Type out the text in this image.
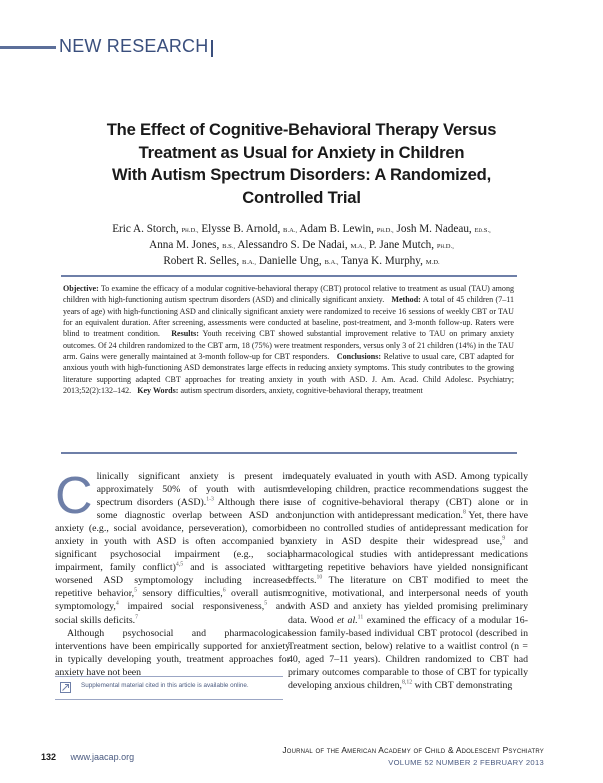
NEW RESEARCH
The Effect of Cognitive-Behavioral Therapy Versus
Treatment as Usual for Anxiety in Children
With Autism Spectrum Disorders: A Randomized,
Controlled Trial

Eric A. Storch, Ph.D., Elysse B. Arnold, B.A., Adam B. Lewin, Ph.D., Josh M. Nadeau, Ed.S.,
Anna M. Jones, B.S., Alessandro S. De Nadai, M.A., P. Jane Mutch, Ph.D.,
Robert R. Selles, B.A., Danielle Ung, B.A., Tanya K. Murphy, M.D.

Objective: To examine the efficacy of a modular cognitive-behavioral therapy (CBT) protocol relative to treatment as usual (TAU) among children with high-functioning autism spectrum disorders (ASD) and clinically significant anxiety. Method: A total of 45 children (7–11 years of age) with high-functioning ASD and clinically significant anxiety were randomized to receive 16 sessions of weekly CBT or TAU for an equivalent duration. After screening, assessments were conducted at baseline, post-treatment, and 3-month follow-up. Raters were blind to treatment condition. Results: Youth receiving CBT showed substantial improvement relative to TAU on primary anxiety outcomes. Of 24 children randomized to the CBT arm, 18 (75%) were treatment responders, versus only 3 of 21 children (14%) in the TAU arm. Gains were generally maintained at 3-month follow-up for CBT responders. Conclusions: Relative to usual care, CBT adapted for anxious youth with high-functioning ASD demonstrates large effects in reducing anxiety symptoms. This study contributes to the growing literature supporting adapted CBT approaches for treating anxiety in youth with ASD. J. Am. Acad. Child Adolesc. Psychiatry; 2013;52(2):132–142. Key Words: autism spectrum disorders, anxiety, cognitive-behavioral therapy, treatment

Clinically significant anxiety is present in approximately 50% of youth with autism spectrum disorders (ASD).$^{1-3}$ Although there is some diagnostic overlap between ASD and anxiety (e.g., social avoidance, perseveration), comorbid anxiety in youth with ASD is often accompanied by significant psychosocial impairment (e.g., social impairment, family conflict)$^{4,5}$ and is associated with worsened ASD symptomology including increased repetitive behavior,$^5$ sensory difficulties,$^6$ overall autism symptomology,$^4$ impaired social responsiveness,$^5$ and social skills deficits.$^7$

Although psychosocial and pharmacological interventions have been empirically supported for anxiety in typically developing youth, treatment approaches for anxiety have not been

adequately evaluated in youth with ASD. Among typically developing children, practice recommendations suggest the use of cognitive-behavioral therapy (CBT) alone or in conjunction with antidepressant medication.$^8$ Yet, there have been no controlled studies of antidepressant medication for anxiety in ASD despite their widespread use,$^9$ and pharmacological studies with antidepressant medications targeting repetitive behaviors have yielded nonsignificant effects.$^{10}$ The literature on CBT modified to meet the cognitive, motivational, and interpersonal needs of youth with ASD and anxiety has yielded promising preliminary data. Wood et al.$^{11}$ examined the efficacy of a modular 16-session family-based individual CBT protocol (described in Treatment section, below) relative to a waitlist control (n = 40, aged 7–11 years). Children randomized to CBT had primary outcomes comparable to those of CBT for typically developing anxious children,$^{8,12}$ with CBT demonstrating

Supplemental material cited in this article is available online.
132 www.jaacap.org
Journal of the American Academy of Child & Adolescent Psychiatry
VOLUME 52 NUMBER 2 FEBRUARY 2013
